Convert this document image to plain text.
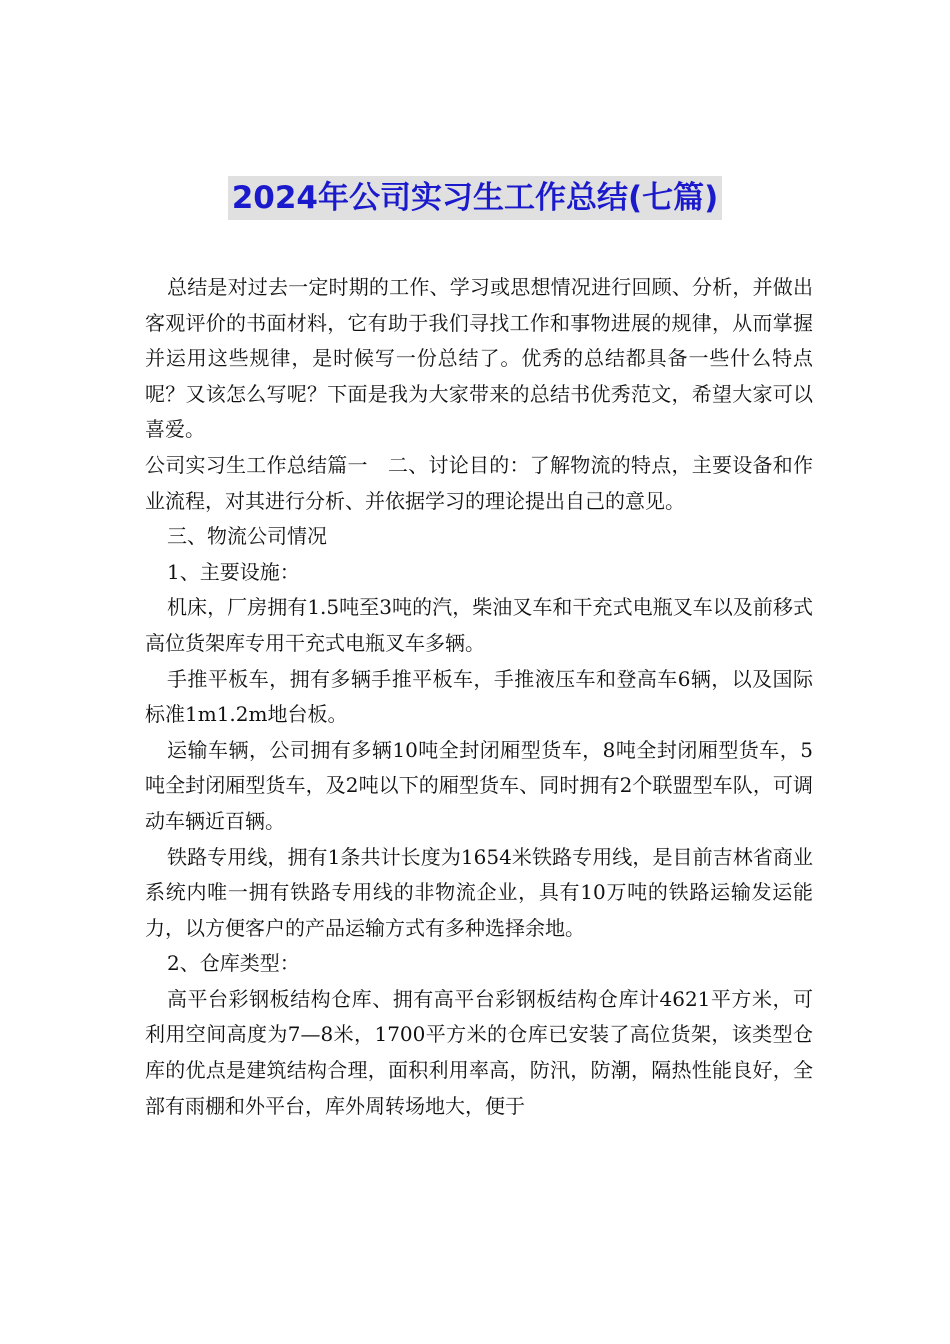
2024年公司实习生工作总结(七篇)

总结是对过去一定时期的工作、学习或思想情况进行回顾、分析，并做出客观评价的书面材料，它有助于我们寻找工作和事物进展的规律，从而掌握并运用这些规律，是时候写一份总结了。优秀的总结都具备一些什么特点呢？又该怎么写呢？下面是我为大家带来的总结书优秀范文，希望大家可以喜爱。

公司实习生工作总结篇一　二、讨论目的：了解物流的特点，主要设备和作业流程，对其进行分析、并依据学习的理论提出自己的意见。

三、物流公司情况

1、主要设施：

机床，厂房拥有1.5吨至3吨的汽，柴油叉车和干充式电瓶叉车以及前移式高位货架库专用干充式电瓶叉车多辆。

手推平板车，拥有多辆手推平板车，手推液压车和登高车6辆，以及国际标准1m1.2m地台板。

运输车辆，公司拥有多辆10吨全封闭厢型货车，8吨全封闭厢型货车，5吨全封闭厢型货车，及2吨以下的厢型货车、同时拥有2个联盟型车队，可调动车辆近百辆。

铁路专用线，拥有1条共计长度为1654米铁路专用线，是目前吉林省商业系统内唯一拥有铁路专用线的非物流企业，具有10万吨的铁路运输发运能力，以方便客户的产品运输方式有多种选择余地。

2、仓库类型：

高平台彩钢板结构仓库、拥有高平台彩钢板结构仓库计4621平方米，可利用空间高度为7—8米，1700平方米的仓库已安装了高位货架，该类型仓库的优点是建筑结构合理，面积利用率高，防汛，防潮，隔热性能良好，全部有雨棚和外平台，库外周转场地大，便于
